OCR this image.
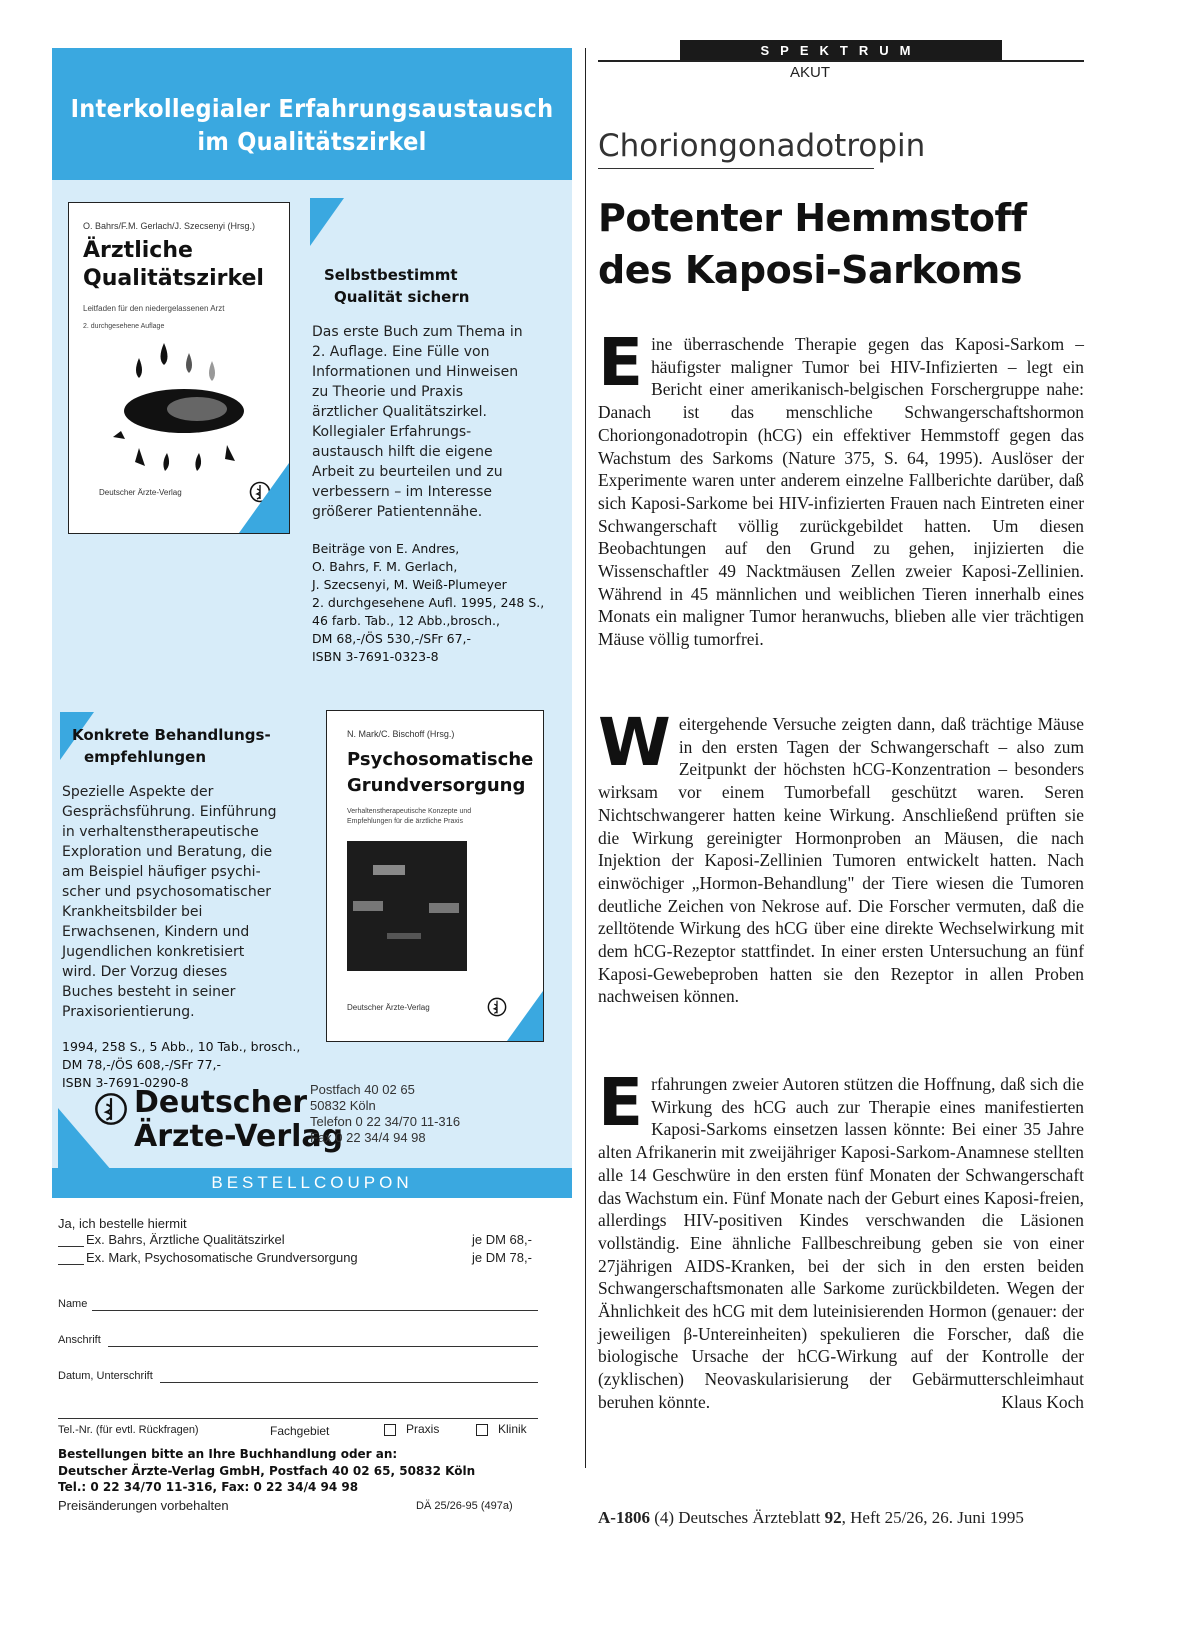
Interkollegialer Erfahrungsaustausch
im Qualitätszirkel
O. Bahrs/F.M. Gerlach/J. Szecsenyi (Hrsg.)
Ärztliche
Qualitätszirkel
Leitfaden für den niedergelassenen Arzt
2. durchgesehene Auflage
Deutscher Ärzte-Verlag
Selbstbestimmt
Qualität sichern
Das erste Buch zum Thema in
2. Auflage. Eine Fülle von
Informationen und Hinweisen
zu Theorie und Praxis
ärztlicher Qualitätszirkel.
Kollegialer Erfahrungs-
austausch hilft die eigene
Arbeit zu beurteilen und zu
verbessern – im Interesse
größerer Patientennähe.
Beiträge von E. Andres,
O. Bahrs, F. M. Gerlach,
J. Szecsenyi, M. Weiß-Plumeyer
2. durchgesehene Aufl. 1995, 248 S.,
46 farb. Tab., 12 Abb.,brosch.,
DM 68,-/ÖS 530,-/SFr 67,-
ISBN 3-7691-0323-8
Konkrete Behandlungs-
empfehlungen
Spezielle Aspekte der
Gesprächsführung. Einführung
in verhaltenstherapeutische
Exploration und Beratung, die
am Beispiel häufiger psychi-
scher und psychosomatischer
Krankheitsbilder bei
Erwachsenen, Kindern und
Jugendlichen konkretisiert
wird. Der Vorzug dieses
Buches besteht in seiner
Praxisorientierung.
1994, 258 S., 5 Abb., 10 Tab., brosch.,
DM 78,-/ÖS 608,-/SFr 77,-
ISBN 3-7691-0290-8
N. Mark/C. Bischoff (Hrsg.)
Psychosomatische
Grundversorgung
Verhaltenstherapeutische Konzepte und
Empfehlungen für die ärztliche Praxis
Deutscher Ärzte-Verlag
Deutscher
Ärzte-Verlag
Postfach 40 02 65
50832 Köln
Telefon 0 22 34/70 11-316
Fax 0 22 34/4 94 98
BESTELLCOUPON
Ja, ich bestelle hiermit
Ex. Bahrs, Ärztliche Qualitätszirkel	je DM 68,-
Ex. Mark, Psychosomatische Grundversorgung	je DM 78,-
Name
Anschrift
Datum, Unterschrift
Tel.-Nr. (für evtl. Rückfragen)	Fachgebiet	Praxis	Klinik
Bestellungen bitte an Ihre Buchhandlung oder an:
Deutscher Ärzte-Verlag GmbH, Postfach 40 02 65, 50832 Köln
Tel.: 0 22 34/70 11-316, Fax: 0 22 34/4 94 98
Preisänderungen vorbehalten	DÄ 25/26-95 (497a)
SPEKTRUM
AKUT
Choriongonadotropin
Potenter Hemmstoff
des Kaposi-Sarkoms

Eine überraschende Therapie gegen das Kaposi-Sarkom – häufigster maligner Tumor bei HIV-Infizierten – legt ein Bericht einer amerikanisch-belgischen Forschergruppe nahe: Danach ist das menschliche Schwangerschaftshormon Choriongonadotropin (hCG) ein effektiver Hemmstoff gegen das Wachstum des Sarkoms (Nature 375, S. 64, 1995). Auslöser der Experimente waren unter anderem einzelne Fallberichte darüber, daß sich Kaposi-Sarkome bei HIV-infizierten Frauen nach Eintreten einer Schwangerschaft völlig zurückgebildet hatten. Um diesen Beobachtungen auf den Grund zu gehen, injizierten die Wissenschaftler 49 Nacktmäusen Zellen zweier Kaposi-Zellinien. Während in 45 männlichen und weiblichen Tieren innerhalb eines Monats ein maligner Tumor heranwuchs, blieben alle vier trächtigen Mäuse völlig tumorfrei.

Weitergehende Versuche zeigten dann, daß trächtige Mäuse in den ersten Tagen der Schwangerschaft – also zum Zeitpunkt der höchsten hCG-Konzentration – besonders wirksam vor einem Tumorbefall geschützt waren. Seren Nichtschwangerer hatten keine Wirkung. Anschließend prüften sie die Wirkung gereinigter Hormonproben an Mäusen, die nach Injektion der Kaposi-Zellinien Tumoren entwickelt hatten. Nach einwöchiger „Hormon-Behandlung" der Tiere wiesen die Tumoren deutliche Zeichen von Nekrose auf. Die Forscher vermuten, daß die zelltötende Wirkung des hCG über eine direkte Wechselwirkung mit dem hCG-Rezeptor stattfindet. In einer ersten Untersuchung an fünf Kaposi-Gewebeproben hatten sie den Rezeptor in allen Proben nachweisen können.

Erfahrungen zweier Autoren stützen die Hoffnung, daß sich die Wirkung des hCG auch zur Therapie eines manifestierten Kaposi-Sarkoms einsetzen lassen könnte: Bei einer 35 Jahre alten Afrikanerin mit zweijähriger Kaposi-Sarkom-Anamnese stellten alle 14 Geschwüre in den ersten fünf Monaten der Schwangerschaft das Wachstum ein. Fünf Monate nach der Geburt eines Kaposi-freien, allerdings HIV-positiven Kindes verschwanden die Läsionen vollständig. Eine ähnliche Fallbeschreibung geben sie von einer 27jährigen AIDS-Kranken, bei der sich in den ersten beiden Schwangerschaftsmonaten alle Sarkome zurückbildeten. Wegen der Ähnlichkeit des hCG mit dem luteinisierenden Hormon (genauer: der jeweiligen β-Untereinheiten) spekulieren die Forscher, daß die biologische Ursache der hCG-Wirkung auf der Kontrolle der (zyklischen) Neovaskularisierung der Gebärmutterschleimhaut beruhen könnte.	Klaus Koch

A-1806 (4) Deutsches Ärzteblatt 92, Heft 25/26, 26. Juni 1995
